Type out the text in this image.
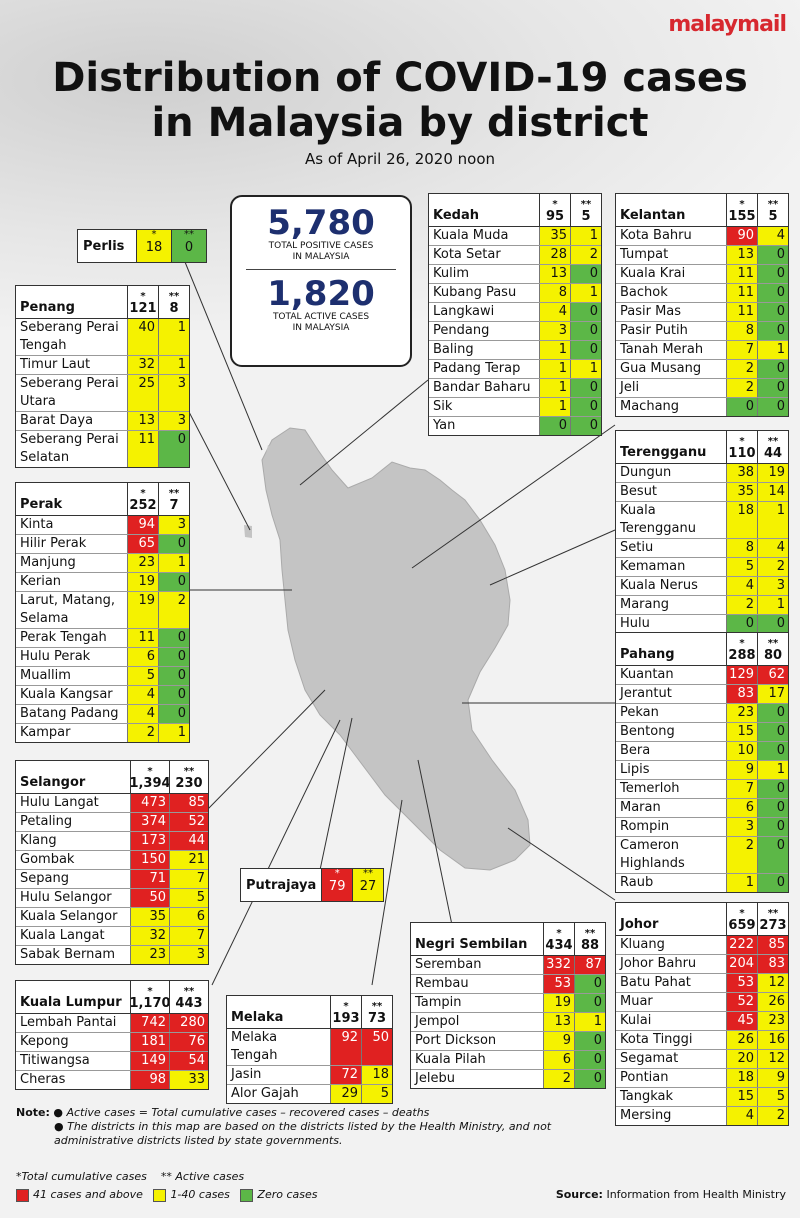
malaymail
Distribution of COVID-19 cases
in Malaysia by district
As of April 26, 2020 noon
5,780
TOTAL POSITIVE CASES
IN MALAYSIA
1,820
TOTAL ACTIVE CASES
IN MALAYSIA
Perlis
*
18
**
0
Putrajaya
*
79
**
27
Penang
*
121
**
8
Seberang Perai Tengah
40	1
Timur Laut	32	1
Seberang Perai Utara
25	3
Barat Daya	13	3
Seberang Perai Selatan
11	0
Perak
*
252
**
7
Kinta	94	3
Hilir Perak	65	0
Manjung	23	1
Kerian	19	0
Larut, Matang, Selama
19	2
Perak Tengah	11	0
Hulu Perak	6	0
Muallim	5	0
Kuala Kangsar	4	0
Batang Padang	4	0
Kampar	2	1
Selangor
*
1,394
**
230
Hulu Langat	473	85
Petaling	374	52
Klang	173	44
Gombak	150	21
Sepang	71	7
Hulu Selangor	50	5
Kuala Selangor	35	6
Kuala Langat	32	7
Sabak Bernam	23	3
Kuala Lumpur
*
1,170
**
443
Lembah Pantai	742	280
Kepong	181	76
Titiwangsa	149	54
Cheras	98	33
Melaka
*
193
**
73
Melaka Tengah
92	50
Jasin	72	18
Alor Gajah	29	5
Negri Sembilan
*
434
**
88
Seremban	332	87
Rembau	53	0
Tampin	19	0
Jempol	13	1
Port Dickson	9	0
Kuala Pilah	6	0
Jelebu	2	0
Kedah
*
95
**
5
Kuala Muda	35	1
Kota Setar	28	2
Kulim	13	0
Kubang Pasu	8	1
Langkawi	4	0
Pendang	3	0
Baling	1	0
Padang Terap	1	1
Bandar Baharu	1	0
Sik	1	0
Yan	0	0
Kelantan
*
155
**
5
Kota Bahru	90	4
Tumpat	13	0
Kuala Krai	11	0
Bachok	11	0
Pasir Mas	11	0
Pasir Putih	8	0
Tanah Merah	7	1
Gua Musang	2	0
Jeli	2	0
Machang	0	0
Terengganu
*
110
**
44
Dungun	38	19
Besut	35	14
Kuala Terengganu
18	1
Setiu	8	4
Kemaman	5	2
Kuala Nerus	4	3
Marang	2	1
Hulu	0	0
Pahang
*
288
**
80
Kuantan	129	62
Jerantut	83	17
Pekan	23	0
Bentong	15	0
Bera	10	0
Lipis	9	1
Temerloh	7	0
Maran	6	0
Rompin	3	0
Cameron Highlands
2	0
Raub	1	0
Johor
*
659
**
273
Kluang	222	85
Johor Bahru	204	83
Batu Pahat	53	12
Muar	52	26
Kulai	45	23
Kota Tinggi	26	16
Segamat	20	12
Pontian	18	9
Tangkak	15	5
Mersing	4	2
Note: ● Active cases = Total cumulative cases – recovered cases – deaths
● The districts in this map are based on the districts listed by the Health Ministry, and not administrative districts listed by state governments.
*Total cumulative cases ** Active cases
41 cases and above	1-40 cases	Zero cases	Source: Information from Health Ministry
